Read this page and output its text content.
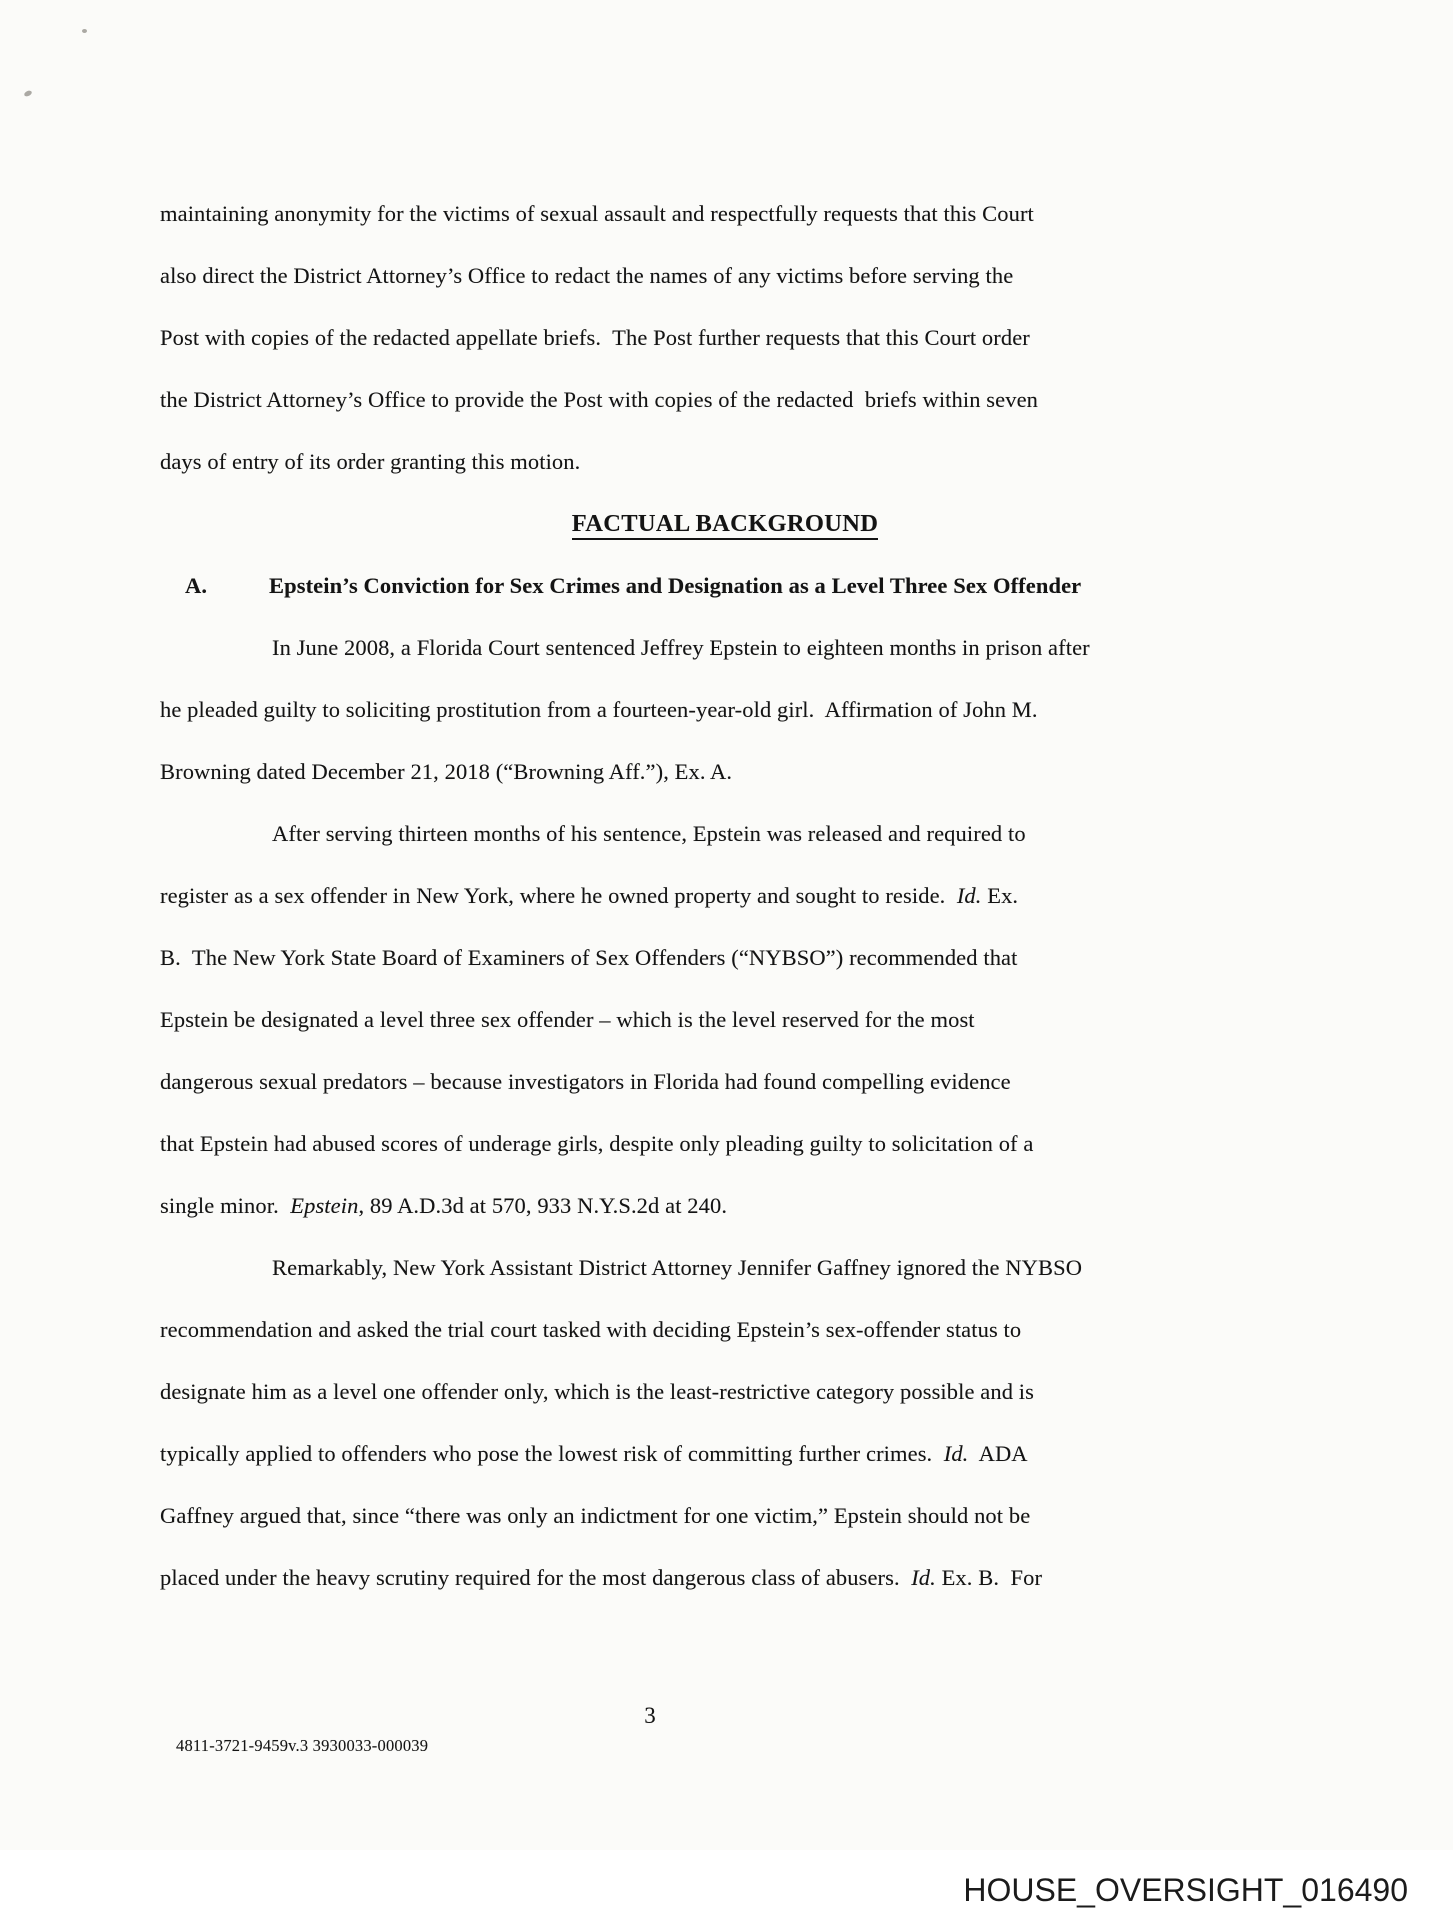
maintaining anonymity for the victims of sexual assault and respectfully requests that this Court
also direct the District Attorney’s Office to redact the names of any victims before serving the
Post with copies of the redacted appellate briefs.  The Post further requests that this Court order
the District Attorney’s Office to provide the Post with copies of the redacted  briefs within seven
days of entry of its order granting this motion.
FACTUAL BACKGROUND
A.	Epstein’s Conviction for Sex Crimes and Designation as a Level Three Sex Offender
In June 2008, a Florida Court sentenced Jeffrey Epstein to eighteen months in prison after
he pleaded guilty to soliciting prostitution from a fourteen-year-old girl.  Affirmation of John M.
Browning dated December 21, 2018 (“Browning Aff.”), Ex. A.
After serving thirteen months of his sentence, Epstein was released and required to
register as a sex offender in New York, where he owned property and sought to reside.  Id. Ex.
B.  The New York State Board of Examiners of Sex Offenders (“NYBSO”) recommended that
Epstein be designated a level three sex offender – which is the level reserved for the most
dangerous sexual predators – because investigators in Florida had found compelling evidence
that Epstein had abused scores of underage girls, despite only pleading guilty to solicitation of a
single minor.  Epstein, 89 A.D.3d at 570, 933 N.Y.S.2d at 240.
Remarkably, New York Assistant District Attorney Jennifer Gaffney ignored the NYBSO
recommendation and asked the trial court tasked with deciding Epstein’s sex-offender status to
designate him as a level one offender only, which is the least-restrictive category possible and is
typically applied to offenders who pose the lowest risk of committing further crimes.  Id.  ADA
Gaffney argued that, since “there was only an indictment for one victim,” Epstein should not be
placed under the heavy scrutiny required for the most dangerous class of abusers.  Id. Ex. B.  For
3
4811-3721-9459v.3 3930033-000039
HOUSE_OVERSIGHT_016490
